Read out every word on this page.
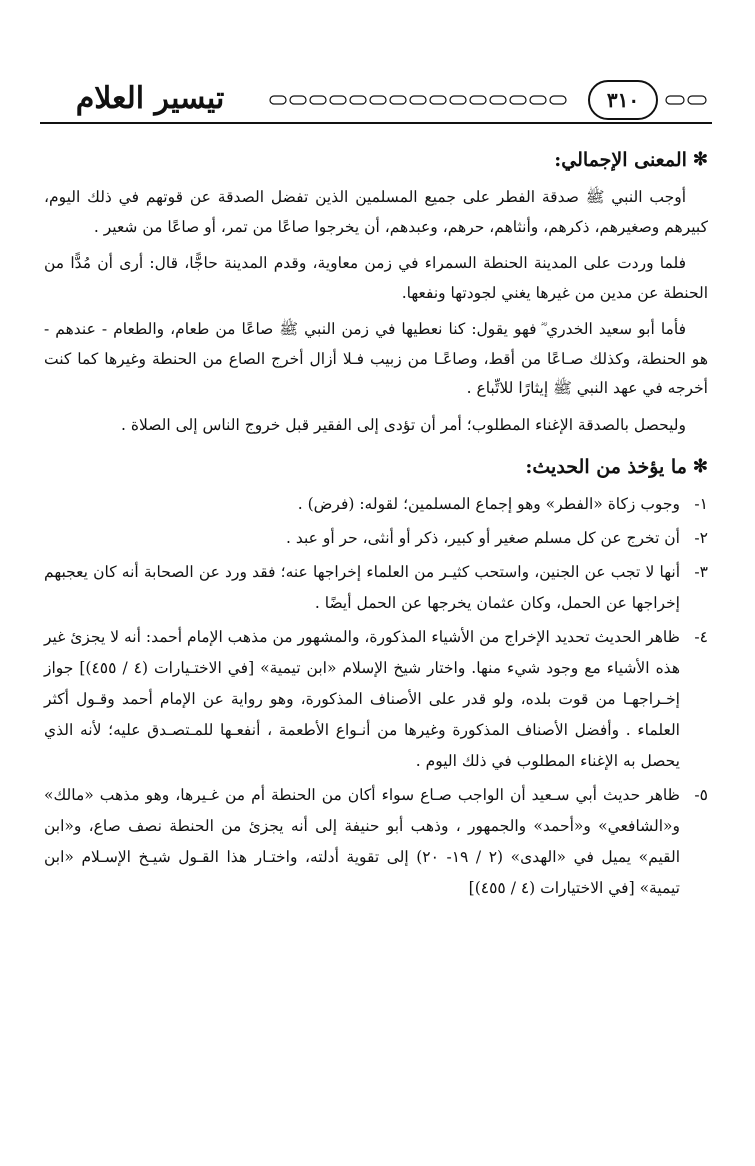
تيسير العلام	٣١٠
✻
المعنى الإجمالي:

أوجب النبي ﷺ صدقة الفطر على جميع المسلمين الذين تفضل الصدقة عن قوتهم في ذلك اليوم، كبيرهم وصغيرهم، ذكرهم، وأنثاهم، حرهم، وعبدهم، أن يخرجوا صاعًا من تمر، أو صاعًا من شعير .

فلما وردت على المدينة الحنطة السمراء في زمن معاوية، وقدم المدينة حاجًّا، قال: أرى أن مُدًّا من الحنطة عن مدين من غيرها يغني لجودتها ونفعها.

فأما أبو سعيد الخدري ؓ فهو يقول: كنا نعطيها في زمن النبي ﷺ صاعًا من طعام، والطعام - عندهم - هو الحنطة، وكذلك صـاعًا من أقط، وصاعًـا من زبيب فـلا أزال أخرج الصاع من الحنطة وغيرها كما كنت أخرجه في عهد النبي ﷺ إيثارًا للاتِّباع .

وليحصل بالصدقة الإغناء المطلوب؛ أمر أن تؤدى إلى الفقير قبل خروج الناس إلى الصلاة .

✻
ما يؤخذ من الحديث:
١-
وجوب زكاة «الفطر» وهو إجماع المسلمين؛ لقوله: (فرض) .
٢-
أن تخرج عن كل مسلم صغير أو كبير، ذكر أو أنثى، حر أو عبد .
٣-
أنها لا تجب عن الجنين، واستحب كثيـر من العلماء إخراجها عنه؛ فقد ورد عن الصحابة أنه كان يعجبهم إخراجها عن الحمل، وكان عثمان يخرجها عن الحمل أيضًا .
٤-
ظاهر الحديث تحديد الإخراج من الأشياء المذكورة، والمشهور من مذهب الإمام أحمد: أنه لا يجزئ غير هذه الأشياء مع وجود شيء منها. واختار شيخ الإسلام «ابن تيمية» [في الاختـيارات (٤ / ٤٥٥)] جواز إخـراجهـا من قوت بلده، ولو قدر على الأصناف المذكورة، وهو رواية عن الإمام أحمد وقـول أكثر العلماء . وأفضل الأصناف المذكورة وغيرها من أنـواع الأطعمة ، أنفعـها للمـتصـدق عليه؛ لأنه الذي يحصل به الإغناء المطلوب في ذلك اليوم .
٥-
ظاهر حديث أبي سـعيد أن الواجب صـاع سواء أكان من الحنطة أم من غـيرها، وهو مذهب «مالك» و«الشافعي» و«أحمد» والجمهور ، وذهب أبو حنيفة إلى أنه يجزئ من الحنطة نصف صاع، و«ابن القيم» يميل في «الهدى» (٢ / ١٩- ٢٠) إلى تقوية أدلته، واختـار هذا القـول شيـخ الإسـلام «ابن تيمية» [في الاختيارات (٤ / ٤٥٥)]
